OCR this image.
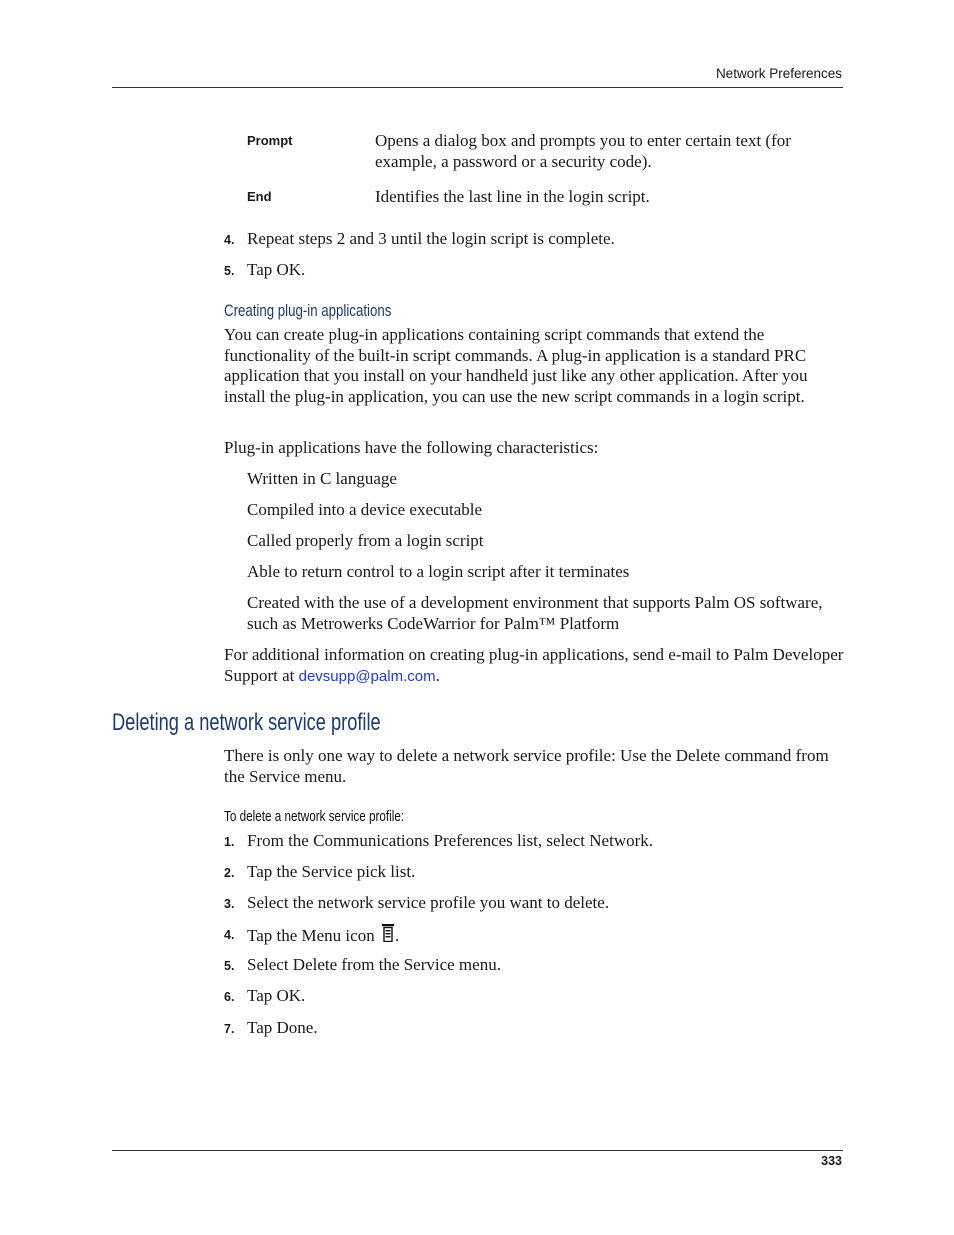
Network Preferences
Prompt	Opens a dialog box and prompts you to enter certain text (for example, a password or a security code).
End	Identifies the last line in the login script.
4. Repeat steps 2 and 3 until the login script is complete.
5. Tap OK.
Creating plug-in applications
You can create plug-in applications containing script commands that extend the functionality of the built-in script commands. A plug-in application is a standard PRC application that you install on your handheld just like any other application. After you install the plug-in application, you can use the new script commands in a login script.
Plug-in applications have the following characteristics:
Written in C language
Compiled into a device executable
Called properly from a login script
Able to return control to a login script after it terminates
Created with the use of a development environment that supports Palm OS software, such as Metrowerks CodeWarrior for Palm™ Platform
For additional information on creating plug-in applications, send e-mail to Palm Developer Support at devsupp@palm.com.
Deleting a network service profile
There is only one way to delete a network service profile: Use the Delete command from the Service menu.
To delete a network service profile:
1. From the Communications Preferences list, select Network.
2. Tap the Service pick list.
3. Select the network service profile you want to delete.
4. Tap the Menu icon .
5. Select Delete from the Service menu.
6. Tap OK.
7. Tap Done.
333
